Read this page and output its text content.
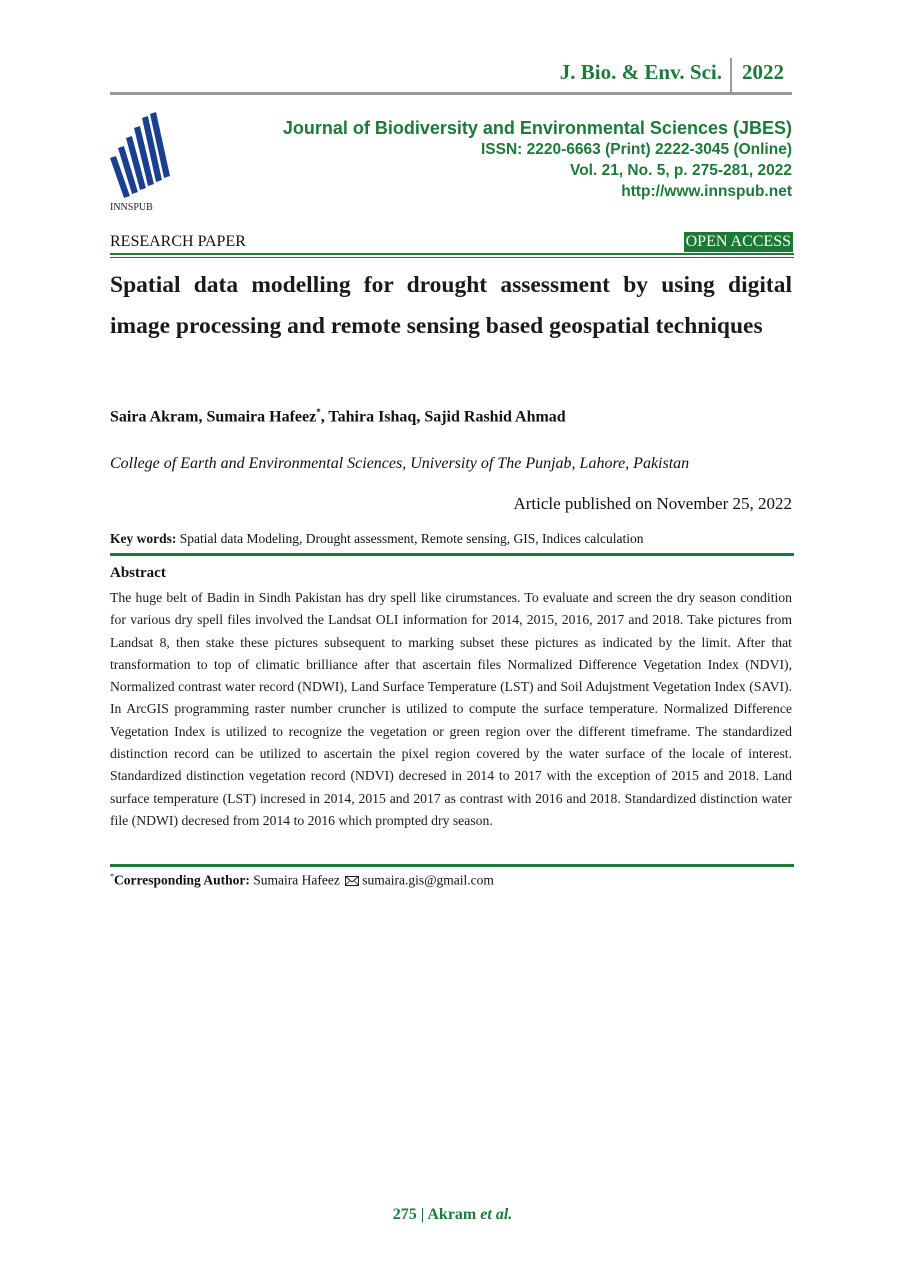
J. Bio. & Env. Sci. 2022
INNSPUB
Journal of Biodiversity and Environmental Sciences (JBES)
ISSN: 2220-6663 (Print) 2222-3045 (Online)
Vol. 21, No. 5, p. 275-281, 2022
http://www.innspub.net
RESEARCH PAPER	OPEN ACCESS
Spatial data modelling for drought assessment by using digital image processing and remote sensing based geospatial techniques
Saira Akram, Sumaira Hafeez*, Tahira Ishaq, Sajid Rashid Ahmad
College of Earth and Environmental Sciences, University of The Punjab, Lahore, Pakistan
Article published on November 25, 2022
Key words: Spatial data Modeling, Drought assessment, Remote sensing, GIS, Indices calculation
Abstract
The huge belt of Badin in Sindh Pakistan has dry spell like cirumstances. To evaluate and screen the dry season condition for various dry spell files involved the Landsat OLI information for 2014, 2015, 2016, 2017 and 2018. Take pictures from Landsat 8, then stake these pictures subsequent to marking subset these pictures as indicated by the limit. After that transformation to top of climatic brilliance after that ascertain files Normalized Difference Vegetation Index (NDVI), Normalized contrast water record (NDWI), Land Surface Temperature (LST) and Soil Adujstment Vegetation Index (SAVI). In ArcGIS programming raster number cruncher is utilized to compute the surface temperature. Normalized Difference Vegetation Index is utilized to recognize the vegetation or green region over the different timeframe. The standardized distinction record can be utilized to ascertain the pixel region covered by the water surface of the locale of interest. Standardized distinction vegetation record (NDVI) decresed in 2014 to 2017 with the exception of 2015 and 2018. Land surface temperature (LST) incresed in 2014, 2015 and 2017 as contrast with 2016 and 2018. Standardized distinction water file (NDWI) decresed from 2014 to 2016 which prompted dry season.
*Corresponding Author: Sumaira Hafeez sumaira.gis@gmail.com
275 | Akram et al.
